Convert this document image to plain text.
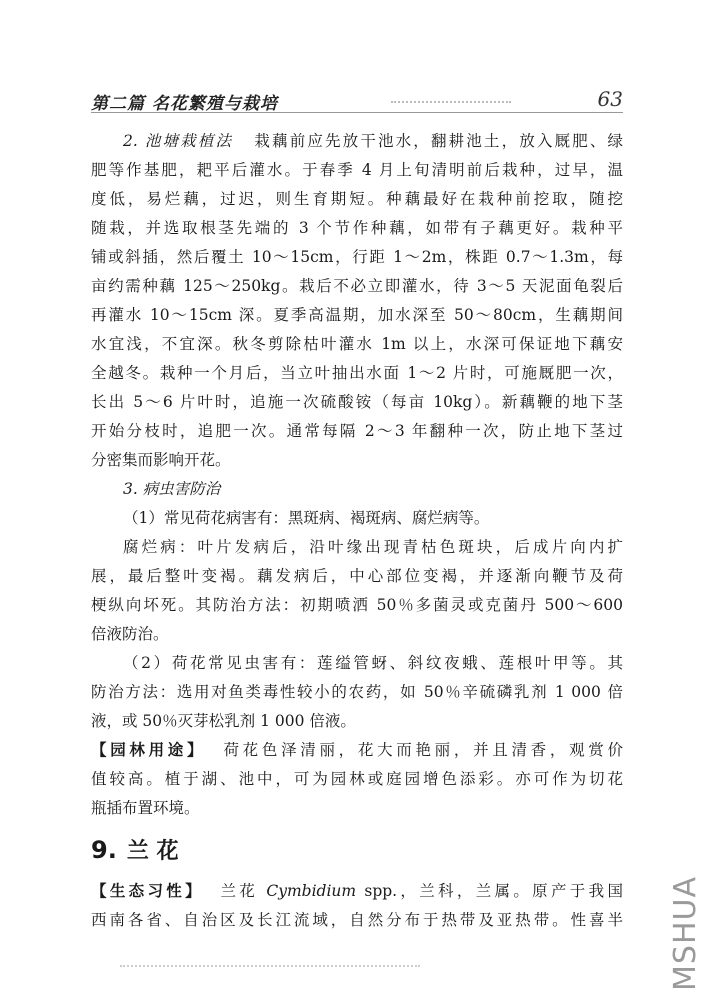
第二篇 名花繁殖与栽培	63
2. 池塘栽植法 栽藕前应先放干池水，翻耕池土，放入厩肥、绿
肥等作基肥，耙平后灌水。于春季 4 月上旬清明前后栽种，过早，温
度低，易烂藕，过迟，则生育期短。种藕最好在栽种前挖取，随挖
随栽，并选取根茎先端的 3 个节作种藕，如带有子藕更好。栽种平
铺或斜插，然后覆土 10～15cm，行距 1～2m，株距 0.7～1.3m，每
亩约需种藕 125～250kg。栽后不必立即灌水，待 3～5 天泥面龟裂后
再灌水 10～15cm 深。夏季高温期，加水深至 50～80cm，生藕期间
水宜浅，不宜深。秋冬剪除枯叶灌水 1m 以上，水深可保证地下藕安
全越冬。栽种一个月后，当立叶抽出水面 1～2 片时，可施厩肥一次，
长出 5～6 片叶时，追施一次硫酸铵（每亩 10kg）。新藕鞭的地下茎
开始分枝时，追肥一次。通常每隔 2～3 年翻种一次，防止地下茎过
分密集而影响开花。
3. 病虫害防治
（1）常见荷花病害有：黑斑病、褐斑病、腐烂病等。
腐烂病：叶片发病后，沿叶缘出现青枯色斑块，后成片向内扩
展，最后整叶变褐。藕发病后，中心部位变褐，并逐渐向鞭节及荷
梗纵向坏死。其防治方法：初期喷洒 50％多菌灵或克菌丹 500～600
倍液防治。
（2）荷花常见虫害有：莲缢管蚜、斜纹夜蛾、莲根叶甲等。其
防治方法：选用对鱼类毒性较小的农药，如 50％辛硫磷乳剂 1 000 倍
液，或 50％灭芽松乳剂 1 000 倍液。
【园林用途】 荷花色泽清丽，花大而艳丽，并且清香，观赏价
值较高。植于湖、池中，可为园林或庭园增色添彩。亦可作为切花
瓶插布置环境。
9. 兰 花
【生态习性】 兰花 Cymbidium spp.，兰科，兰属。原产于我国
西南各省、自治区及长江流域，自然分布于热带及亚热带。性喜半 MSHUA
